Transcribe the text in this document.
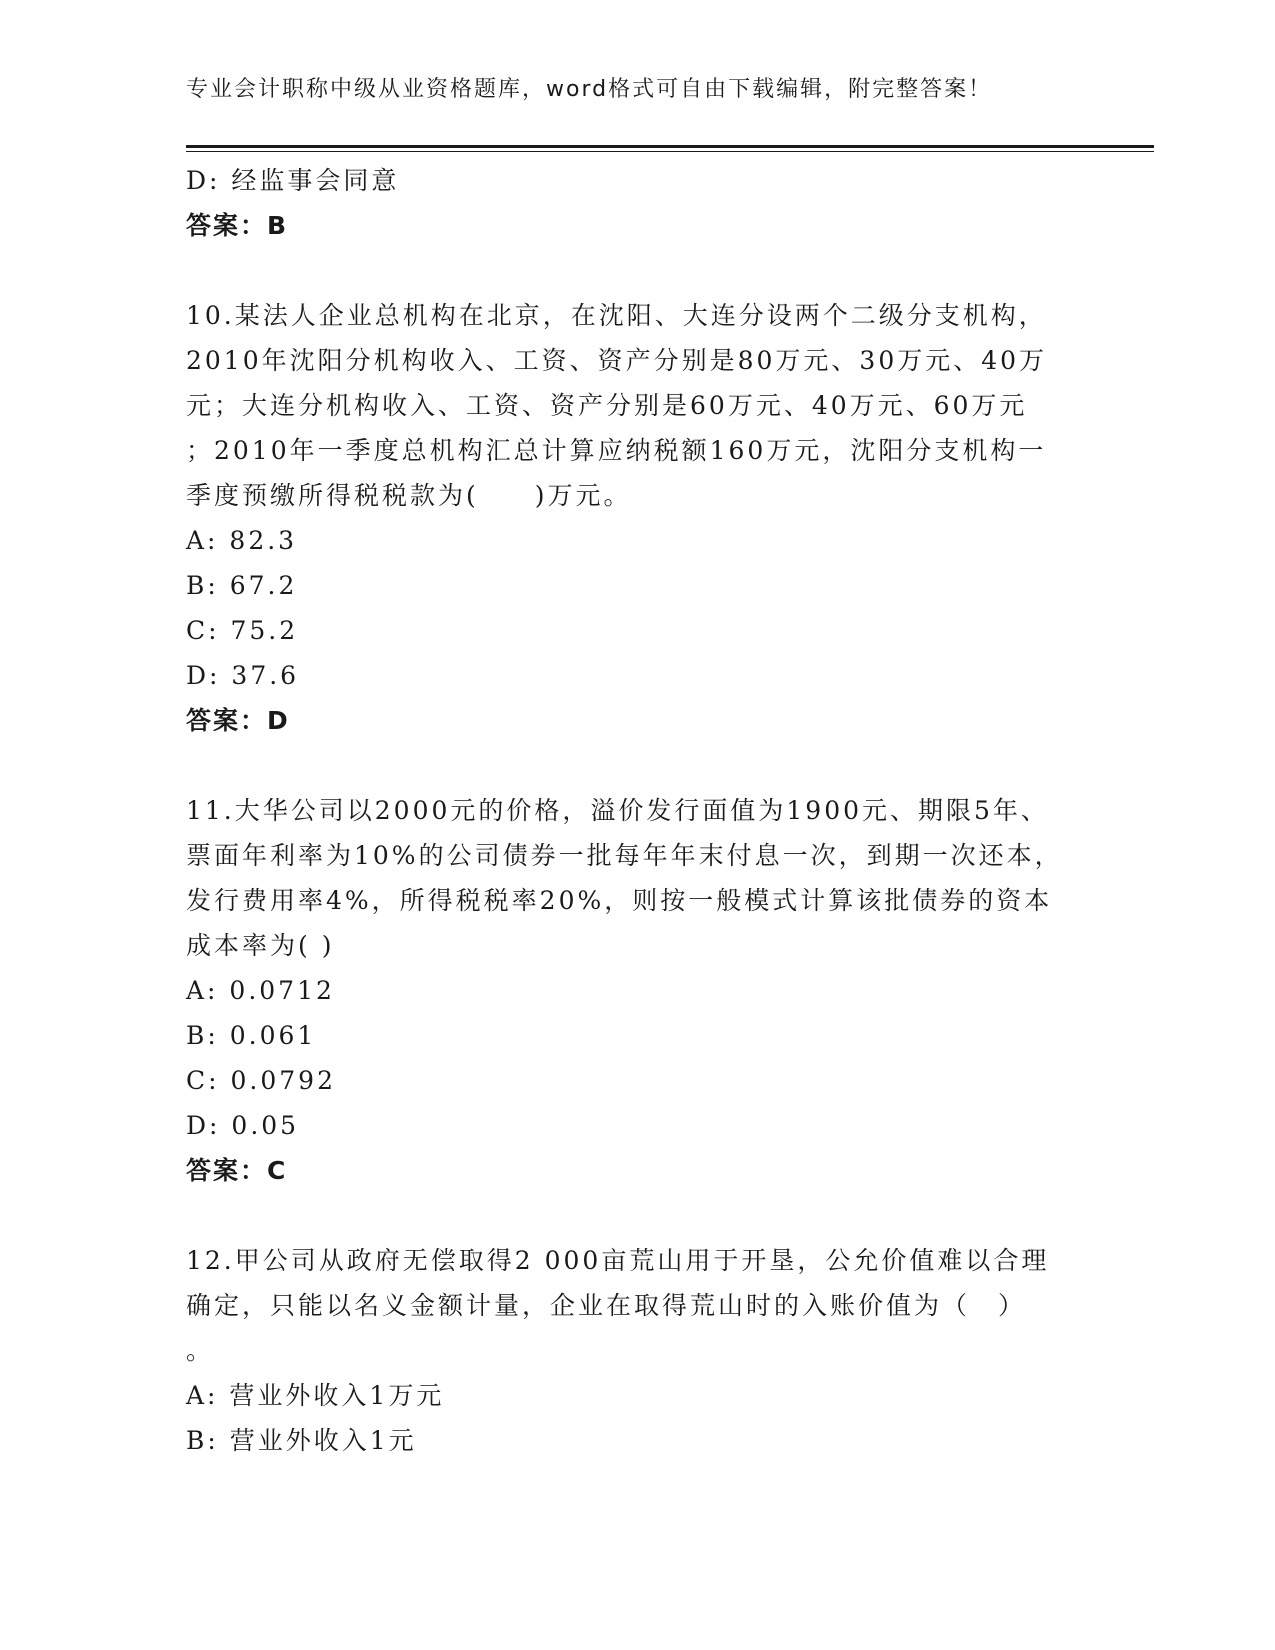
专业会计职称中级从业资格题库，word格式可自由下载编辑，附完整答案！
D: 经监事会同意
答案：B
10.某法人企业总机构在北京，在沈阳、大连分设两个二级分支机构，
2010年沈阳分机构收入、工资、资产分别是80万元、30万元、40万
元；大连分机构收入、工资、资产分别是60万元、40万元、60万元
；2010年一季度总机构汇总计算应纳税额160万元，沈阳分支机构一
季度预缴所得税税款为(　　)万元。
A: 82.3
B: 67.2
C: 75.2
D: 37.6
答案：D
11.大华公司以2000元的价格，溢价发行面值为1900元、期限5年、
票面年利率为10%的公司债券一批每年年末付息一次，到期一次还本，
发行费用率4%，所得税税率20%，则按一般模式计算该批债券的资本
成本率为( )
A: 0.0712
B: 0.061
C: 0.0792
D: 0.05
答案：C
12.甲公司从政府无偿取得2 000亩荒山用于开垦，公允价值难以合理
确定，只能以名义金额计量，企业在取得荒山时的入账价值为（　）
。
A: 营业外收入1万元
B: 营业外收入1元
